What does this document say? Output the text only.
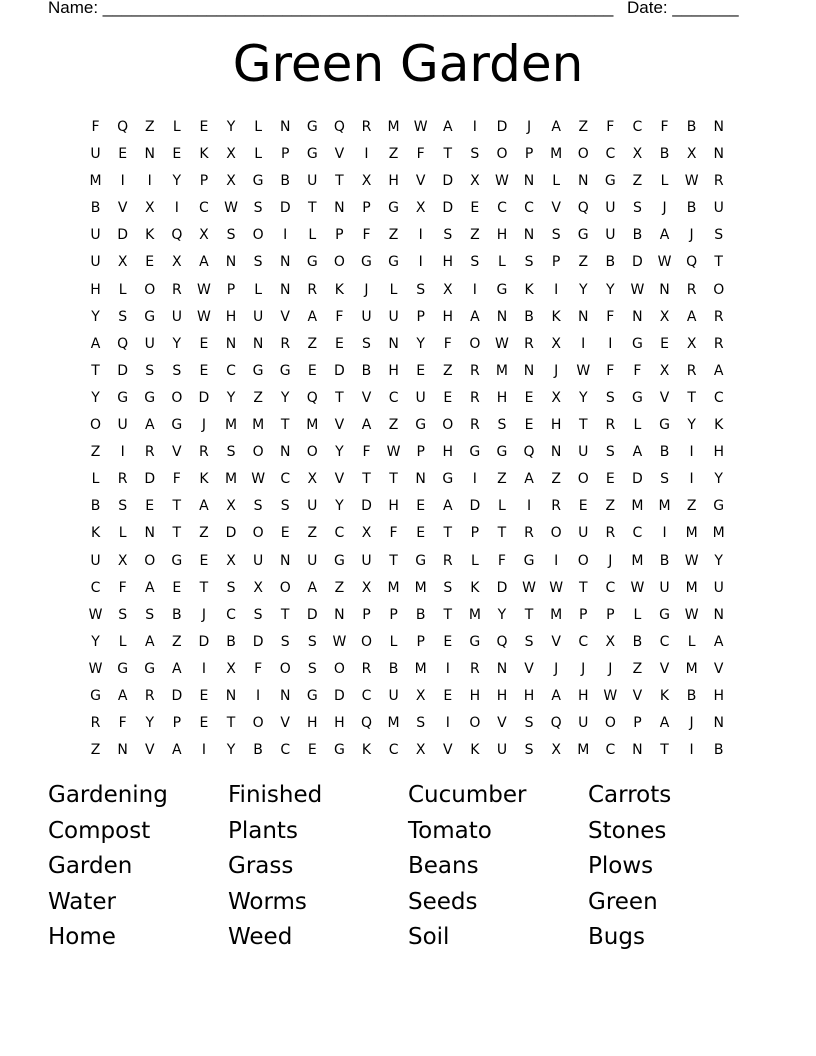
Name: ______________________________________________________ Date: _______
Green Garden
F	Q	Z	L	E	Y	L	N	G	Q	R	M	W	A	I	D	J	A	Z	F	C	F	B	N
U	E	N	E	K	X	L	P	G	V	I	Z	F	T	S	O	P	M	O	C	X	B	X	N
M	I	I	Y	P	X	G	B	U	T	X	H	V	D	X	W	N	L	N	G	Z	L	W	R
B	V	X	I	C	W	S	D	T	N	P	G	X	D	E	C	C	V	Q	U	S	J	B	U
U	D	K	Q	X	S	O	I	L	P	F	Z	I	S	Z	H	N	S	G	U	B	A	J	S
U	X	E	X	A	N	S	N	G	O	G	G	I	H	S	L	S	P	Z	B	D	W	Q	T
H	L	O	R	W	P	L	N	R	K	J	L	S	X	I	G	K	I	Y	Y	W	N	R	O
Y	S	G	U	W	H	U	V	A	F	U	U	P	H	A	N	B	K	N	F	N	X	A	R
A	Q	U	Y	E	N	N	R	Z	E	S	N	Y	F	O	W	R	X	I	I	G	E	X	R
T	D	S	S	E	C	G	G	E	D	B	H	E	Z	R	M	N	J	W	F	F	X	R	A
Y	G	G	O	D	Y	Z	Y	Q	T	V	C	U	E	R	H	E	X	Y	S	G	V	T	C
O	U	A	G	J	M	M	T	M	V	A	Z	G	O	R	S	E	H	T	R	L	G	Y	K
Z	I	R	V	R	S	O	N	O	Y	F	W	P	H	G	G	Q	N	U	S	A	B	I	H
L	R	D	F	K	M	W	C	X	V	T	T	N	G	I	Z	A	Z	O	E	D	S	I	Y
B	S	E	T	A	X	S	S	U	Y	D	H	E	A	D	L	I	R	E	Z	M	M	Z	G
K	L	N	T	Z	D	O	E	Z	C	X	F	E	T	P	T	R	O	U	R	C	I	M	M
U	X	O	G	E	X	U	N	U	G	U	T	G	R	L	F	G	I	O	J	M	B	W	Y
C	F	A	E	T	S	X	O	A	Z	X	M	M	S	K	D	W W	T	C	W	U	M	U
W	S	S	B	J	C	S	T	D	N	P	P	B	T	M	Y	T	M	P	P	L	G	W	N
Y	L	A	Z	D	B	D	S	S	W	O	L	P	E	G	Q	S	V	C	X	B	C	L	A
W	G	G	A	I	X	F	O	S	O	R	B	M	I	R	N	V	J	J	J	Z	V	M	V
G	A	R	D	E	N	I	N	G	D	C	U	X	E	H	H	H	A	H	W	V	K	B	H
R	F	Y	P	E	T	O	V	H	H	Q	M	S	I	O	V	S	Q	U	O	P	A	J	N
Z	N	V	A	I	Y	B	C	E	G	K	C	X	V	K	U	S	X	M	C	N	T	I	B
Gardening	Finished	Cucumber	Carrots
Compost	Plants	Tomato	Stones
Garden	Grass	Beans	Plows
Water	Worms	Seeds	Green
Home	Weed	Soil	Bugs
